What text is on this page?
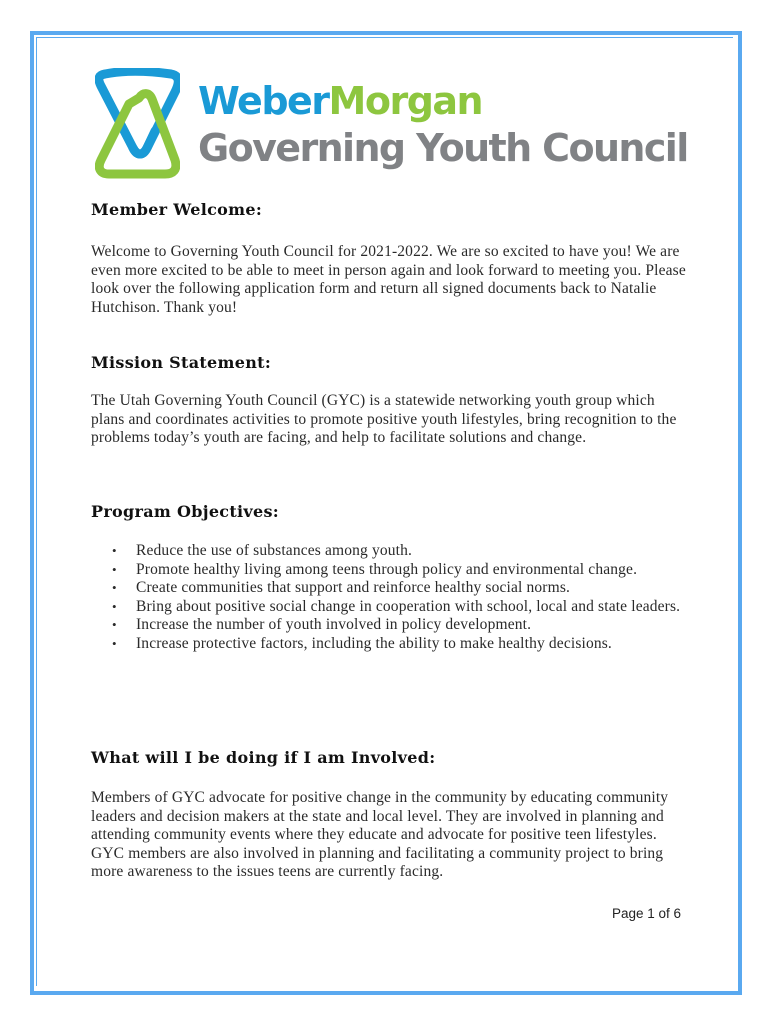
WeberMorgan
Governing Youth Council
Member Welcome:

Welcome to Governing Youth Council for 2021-2022. We are so excited to have you! We are even more excited to be able to meet in person again and look forward to meeting you. Please look over the following application form and return all signed documents back to Natalie Hutchison. Thank you!

Mission Statement:

The Utah Governing Youth Council (GYC) is a statewide networking youth group which plans and coordinates activities to promote positive youth lifestyles, bring recognition to the problems today’s youth are facing, and help to facilitate solutions and change.

Program Objectives:
• Reduce the use of substances among youth.
• Promote healthy living among teens through policy and environmental change.
• Create communities that support and reinforce healthy social norms.
• Bring about positive social change in cooperation with school, local and state leaders.
• Increase the number of youth involved in policy development.
• Increase protective factors, including the ability to make healthy decisions.
What will I be doing if I am Involved:

Members of GYC advocate for positive change in the community by educating community leaders and decision makers at the state and local level. They are involved in planning and attending community events where they educate and advocate for positive teen lifestyles. GYC members are also involved in planning and facilitating a community project to bring more awareness to the issues teens are currently facing.

Page 1 of 6
